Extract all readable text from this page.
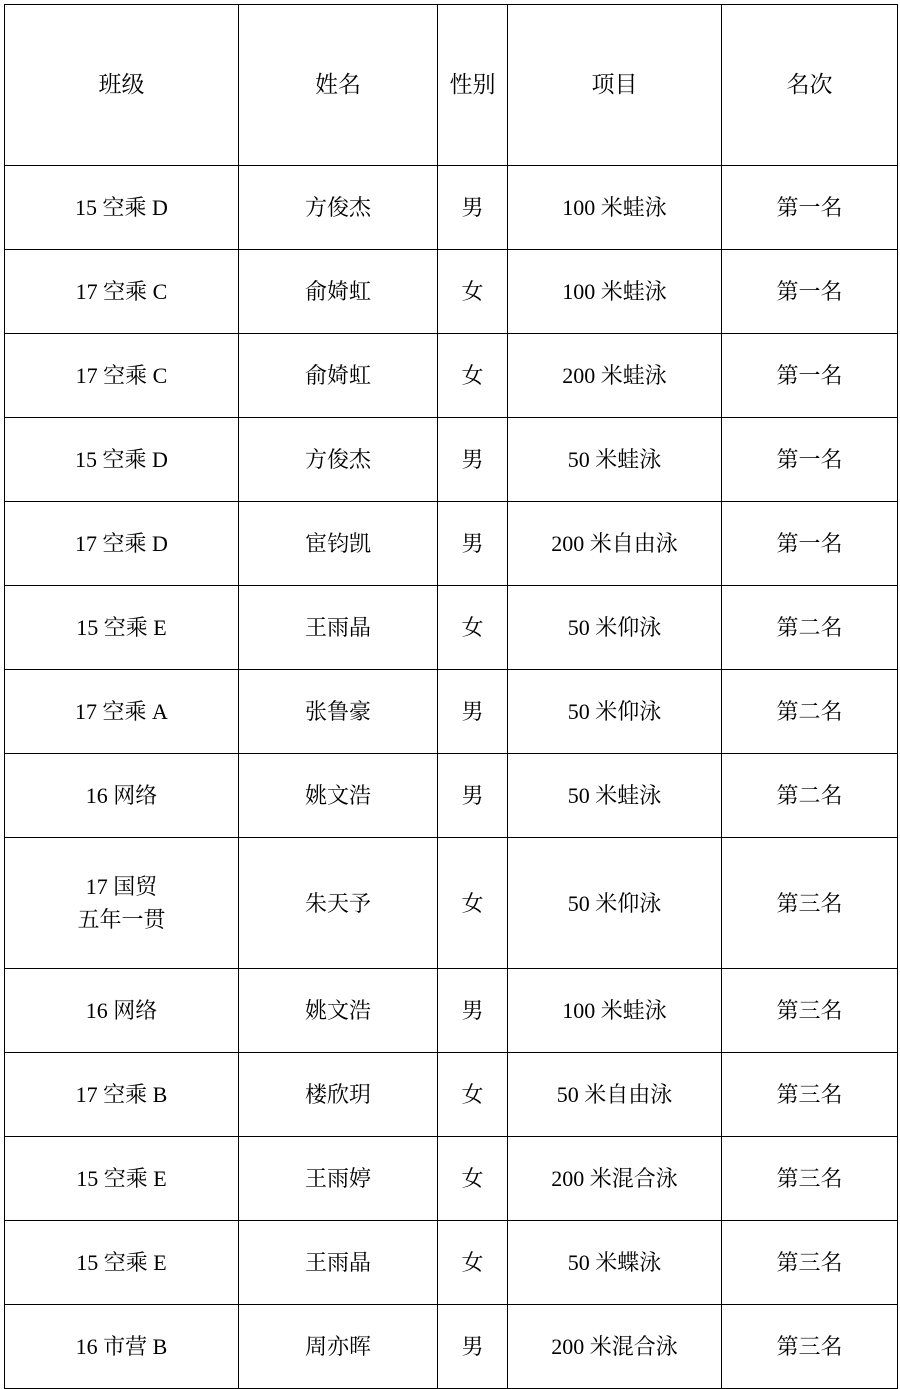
班级	姓名	性别	项目	名次
15 空乘 D	方俊杰	男	100 米蛙泳	第一名
17 空乘 C	俞婍虹	女	100 米蛙泳	第一名
17 空乘 C	俞婍虹	女	200 米蛙泳	第一名
15 空乘 D	方俊杰	男	50 米蛙泳	第一名
17 空乘 D	宦钧凯	男	200 米自由泳	第一名
15 空乘 E	王雨晶	女	50 米仰泳	第二名
17 空乘 A	张鲁豪	男	50 米仰泳	第二名
16 网络	姚文浩	男	50 米蛙泳	第二名

17 国贸
五年一贯	朱天予	女	50 米仰泳	第三名
16 网络	姚文浩	男	100 米蛙泳	第三名
17 空乘 B	楼欣玥	女	50 米自由泳	第三名
15 空乘 E	王雨婷	女	200 米混合泳	第三名
15 空乘 E	王雨晶	女	50 米蝶泳	第三名
16 市营 B	周亦晖	男	200 米混合泳	第三名
